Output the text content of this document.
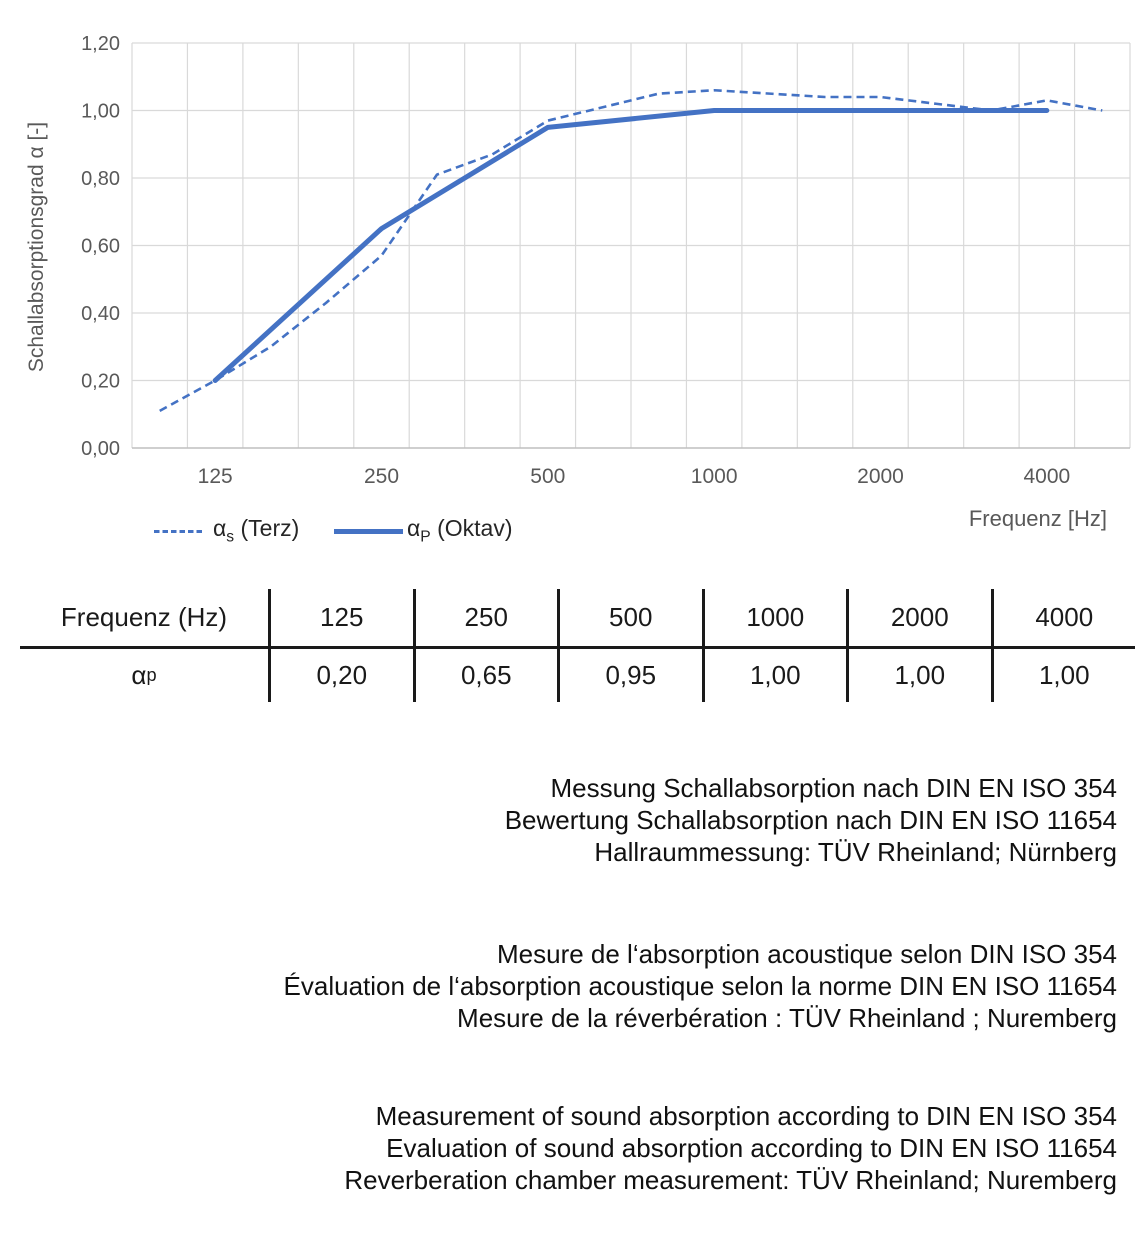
Schallabsorptionsgrad α [-]
0,00
0,20
0,40
0,60
0,80
1,00
1,20
125	250	500	1000	2000	4000
Frequenz [Hz]
$\alpha_s$ (Terz)	$\alpha_P$ (Oktav)
Frequenz (Hz)	125	250	500	1000	2000	4000
α p	0,20	0,65	0,95	1,00	1,00	1,00
Messung Schallabsorption nach DIN EN ISO 354
Bewertung Schallabsorption nach DIN EN ISO 11654
Hallraummessung: TÜV Rheinland; Nürnberg
Mesure de l‘absorption acoustique selon DIN ISO 354
Évaluation de l‘absorption acoustique selon la norme DIN EN ISO 11654
Mesure de la réverbération : TÜV Rheinland ; Nuremberg
Measurement of sound absorption according to DIN EN ISO 354
Evaluation of sound absorption according to DIN EN ISO 11654
Reverberation chamber measurement: TÜV Rheinland; Nuremberg
